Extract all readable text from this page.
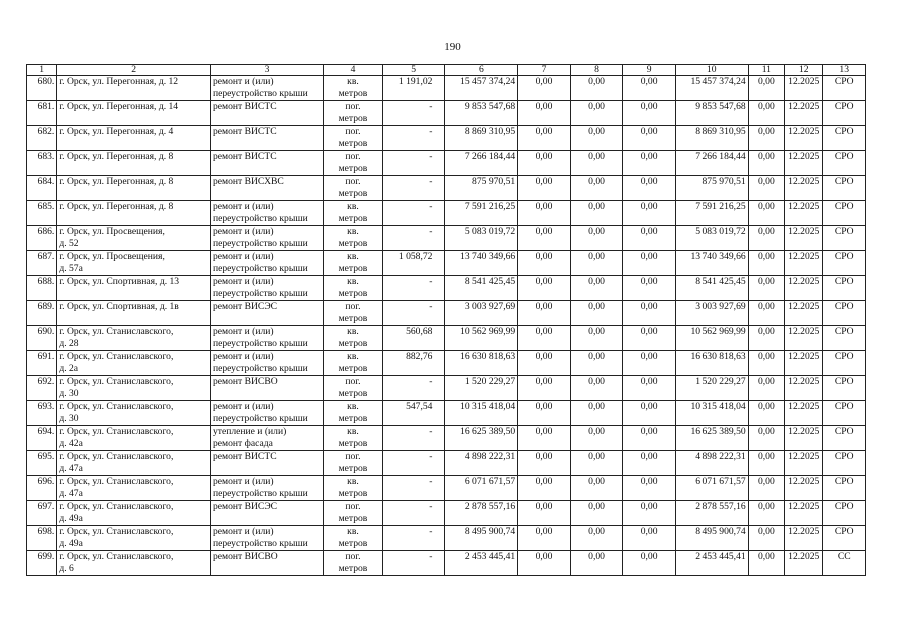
190
1	2	3	4	5	6	7	8	9	10	11	12	13
680.	г. Орск, ул. Перегонная, д. 12	ремонт и (или)
переустройство крыши	кв.
метров	1 191,02	15 457 374,24	0,00	0,00	0,00	15 457 374,24	0,00	12.2025	СРО
681.	г. Орск, ул. Перегонная, д. 14	ремонт ВИСТС	пог.
метров	-	9 853 547,68	0,00	0,00	0,00	9 853 547,68	0,00	12.2025	СРО
682.	г. Орск, ул. Перегонная, д. 4	ремонт ВИСТС	пог.
метров	-	8 869 310,95	0,00	0,00	0,00	8 869 310,95	0,00	12.2025	СРО
683.	г. Орск, ул. Перегонная, д. 8	ремонт ВИСТС	пог.
метров	-	7 266 184,44	0,00	0,00	0,00	7 266 184,44	0,00	12.2025	СРО
684.	г. Орск, ул. Перегонная, д. 8	ремонт ВИСХВС	пог.
метров	-	875 970,51	0,00	0,00	0,00	875 970,51	0,00	12.2025	СРО
685.	г. Орск, ул. Перегонная, д. 8	ремонт и (или)
переустройство крыши	кв.
метров	-	7 591 216,25	0,00	0,00	0,00	7 591 216,25	0,00	12.2025	СРО
686.	г. Орск, ул. Просвещения,
д. 52	ремонт и (или)
переустройство крыши	кв.
метров	-	5 083 019,72	0,00	0,00	0,00	5 083 019,72	0,00	12.2025	СРО
687.	г. Орск, ул. Просвещения,
д. 57а	ремонт и (или)
переустройство крыши	кв.
метров	1 058,72	13 740 349,66	0,00	0,00	0,00	13 740 349,66	0,00	12.2025	СРО
688.	г. Орск, ул. Спортивная, д. 13	ремонт и (или)
переустройство крыши	кв.
метров	-	8 541 425,45	0,00	0,00	0,00	8 541 425,45	0,00	12.2025	СРО
689.	г. Орск, ул. Спортивная, д. 1в	ремонт ВИСЭС	пог.
метров	-	3 003 927,69	0,00	0,00	0,00	3 003 927,69	0,00	12.2025	СРО
690.	г. Орск, ул. Станиславского,
д. 28	ремонт и (или)
переустройство крыши	кв.
метров	560,68	10 562 969,99	0,00	0,00	0,00	10 562 969,99	0,00	12.2025	СРО
691.	г. Орск, ул. Станиславского,
д. 2а	ремонт и (или)
переустройство крыши	кв.
метров	882,76	16 630 818,63	0,00	0,00	0,00	16 630 818,63	0,00	12.2025	СРО
692.	г. Орск, ул. Станиславского,
д. 30	ремонт ВИСВО	пог.
метров	-	1 520 229,27	0,00	0,00	0,00	1 520 229,27	0,00	12.2025	СРО
693.	г. Орск, ул. Станиславского,
д. 30	ремонт и (или)
переустройство крыши	кв.
метров	547,54	10 315 418,04	0,00	0,00	0,00	10 315 418,04	0,00	12.2025	СРО
694.	г. Орск, ул. Станиславского,
д. 42а	утепление и (или)
ремонт фасада	кв.
метров	-	16 625 389,50	0,00	0,00	0,00	16 625 389,50	0,00	12.2025	СРО
695.	г. Орск, ул. Станиславского,
д. 47а	ремонт ВИСТС	пог.
метров	-	4 898 222,31	0,00	0,00	0,00	4 898 222,31	0,00	12.2025	СРО
696.	г. Орск, ул. Станиславского,
д. 47а	ремонт и (или)
переустройство крыши	кв.
метров	-	6 071 671,57	0,00	0,00	0,00	6 071 671,57	0,00	12.2025	СРО
697.	г. Орск, ул. Станиславского,
д. 49а	ремонт ВИСЭС	пог.
метров	-	2 878 557,16	0,00	0,00	0,00	2 878 557,16	0,00	12.2025	СРО
698.	г. Орск, ул. Станиславского,
д. 49а	ремонт и (или)
переустройство крыши	кв.
метров	-	8 495 900,74	0,00	0,00	0,00	8 495 900,74	0,00	12.2025	СРО
699.	г. Орск, ул. Станиславского,
д. 6	ремонт ВИСВО	пог.
метров	-	2 453 445,41	0,00	0,00	0,00	2 453 445,41	0,00	12.2025	СС
